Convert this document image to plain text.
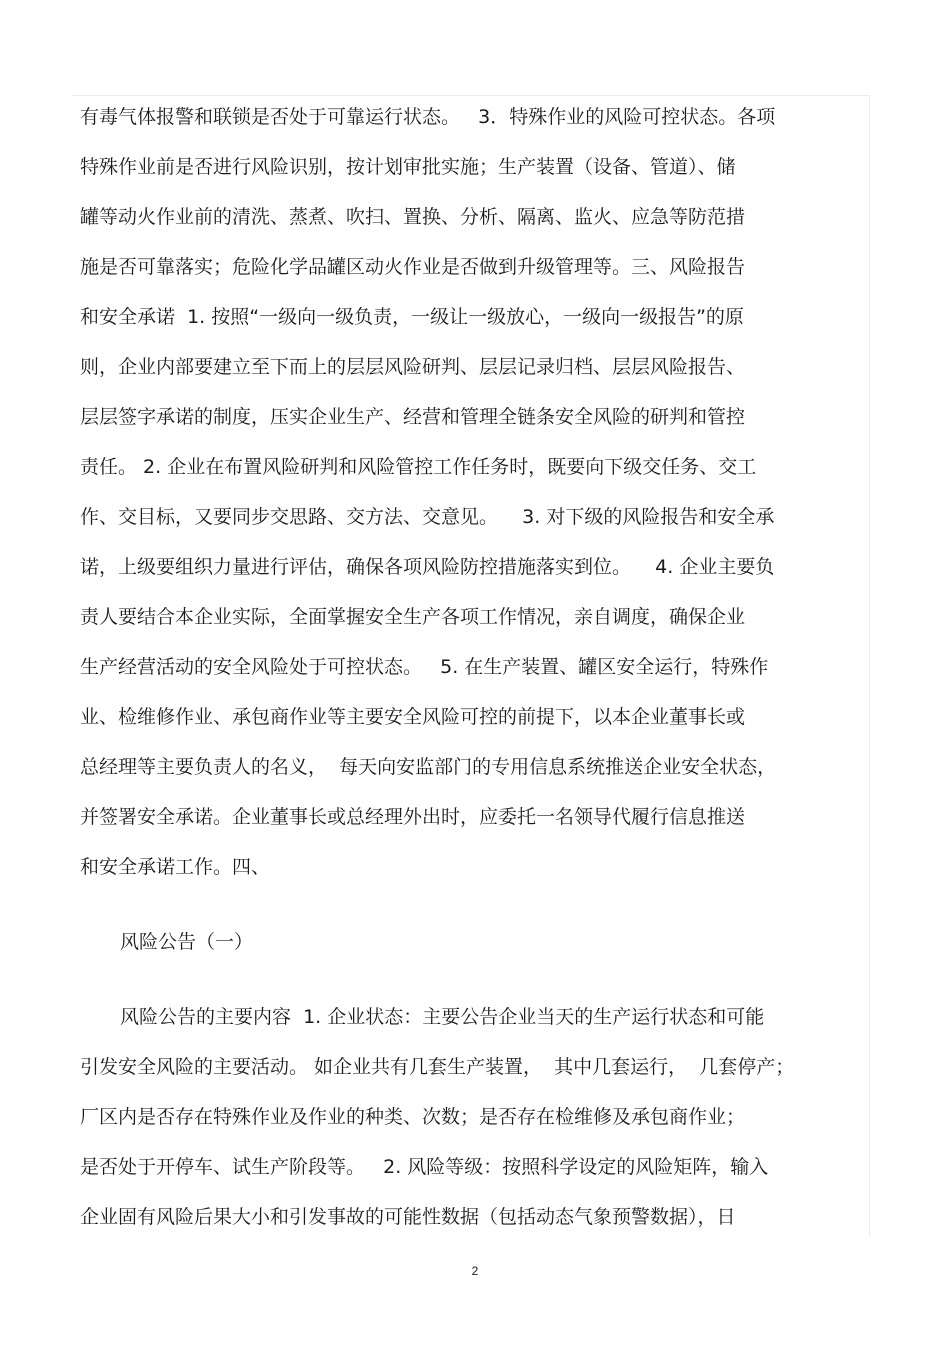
有毒气体报警和联锁是否处于可靠运行状态。   3．特殊作业的风险可控状态。各项

特殊作业前是否进行风险识别，按计划审批实施；生产装置（设备、管道）、储

罐等动火作业前的清洗、蒸煮、吹扫、置换、分析、隔离、监火、应急等防范措

施是否可靠落实；危险化学品罐区动火作业是否做到升级管理等。三、风险报告

和安全承诺  1. 按照“一级向一级负责，一级让一级放心，一级向一级报告”的原

则，企业内部要建立至下而上的层层风险研判、层层记录归档、层层风险报告、

层层签字承诺的制度，压实企业生产、经营和管理全链条安全风险的研判和管控

责任。 2. 企业在布置风险研判和风险管控工作任务时，既要向下级交任务、交工

作、交目标，又要同步交思路、交方法、交意见。    3. 对下级的风险报告和安全承

诺，上级要组织力量进行评估，确保各项风险防控措施落实到位。    4. 企业主要负

责人要结合本企业实际，全面掌握安全生产各项工作情况，亲自调度，确保企业

生产经营活动的安全风险处于可控状态。   5. 在生产装置、罐区安全运行，特殊作

业、检维修作业、承包商作业等主要安全风险可控的前提下，以本企业董事长或

总经理等主要负责人的名义，  每天向安监部门的专用信息系统推送企业安全状态，

并签署安全承诺。企业董事长或总经理外出时，应委托一名领导代履行信息推送

和安全承诺工作。四、

风险公告（一）

风险公告的主要内容  1. 企业状态：主要公告企业当天的生产运行状态和可能

引发安全风险的主要活动。 如企业共有几套生产装置，  其中几套运行，  几套停产；

厂区内是否存在特殊作业及作业的种类、次数；是否存在检维修及承包商作业；

是否处于开停车、试生产阶段等。   2. 风险等级：按照科学设定的风险矩阵，输入

企业固有风险后果大小和引发事故的可能性数据（包括动态气象预警数据），日

2
